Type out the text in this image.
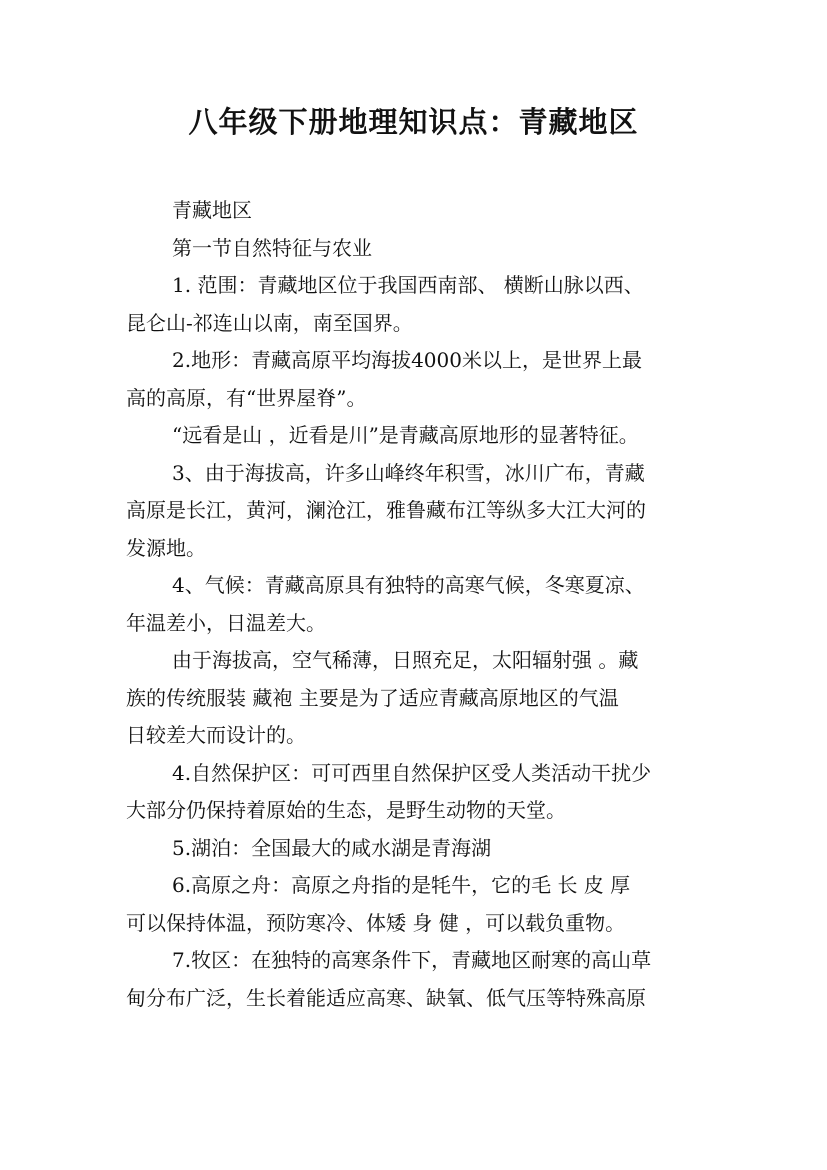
八年级下册地理知识点：青藏地区
青藏地区
第一节自然特征与农业
1. 范围：青藏地区位于我国西南部、 横断山脉以西、
昆仑山-祁连山以南，南至国界。
2.地形：青藏高原平均海拔4000米以上，是世界上最
高的高原，有“世界屋脊”。
“远看是山 ，近看是川”是青藏高原地形的显著特征。
3、由于海拔高，许多山峰终年积雪，冰川广布，青藏
高原是长江，黄河，澜沧江，雅鲁藏布江等纵多大江大河的
发源地。
4、气候：青藏高原具有独特的高寒气候，冬寒夏凉、
年温差小，日温差大。
由于海拔高，空气稀薄，日照充足，太阳辐射强 。藏
族的传统服装 藏袍 主要是为了适应青藏高原地区的气温
日较差大而设计的。
4.自然保护区：可可西里自然保护区受人类活动干扰少
大部分仍保持着原始的生态，是野生动物的天堂。
5.湖泊：全国最大的咸水湖是青海湖
6.高原之舟：高原之舟指的是牦牛，它的毛 长 皮 厚
可以保持体温，预防寒冷、体矮 身 健 ，可以载负重物。
7.牧区：在独特的高寒条件下，青藏地区耐寒的高山草
甸分布广泛，生长着能适应高寒、缺氧、低气压等特殊高原
